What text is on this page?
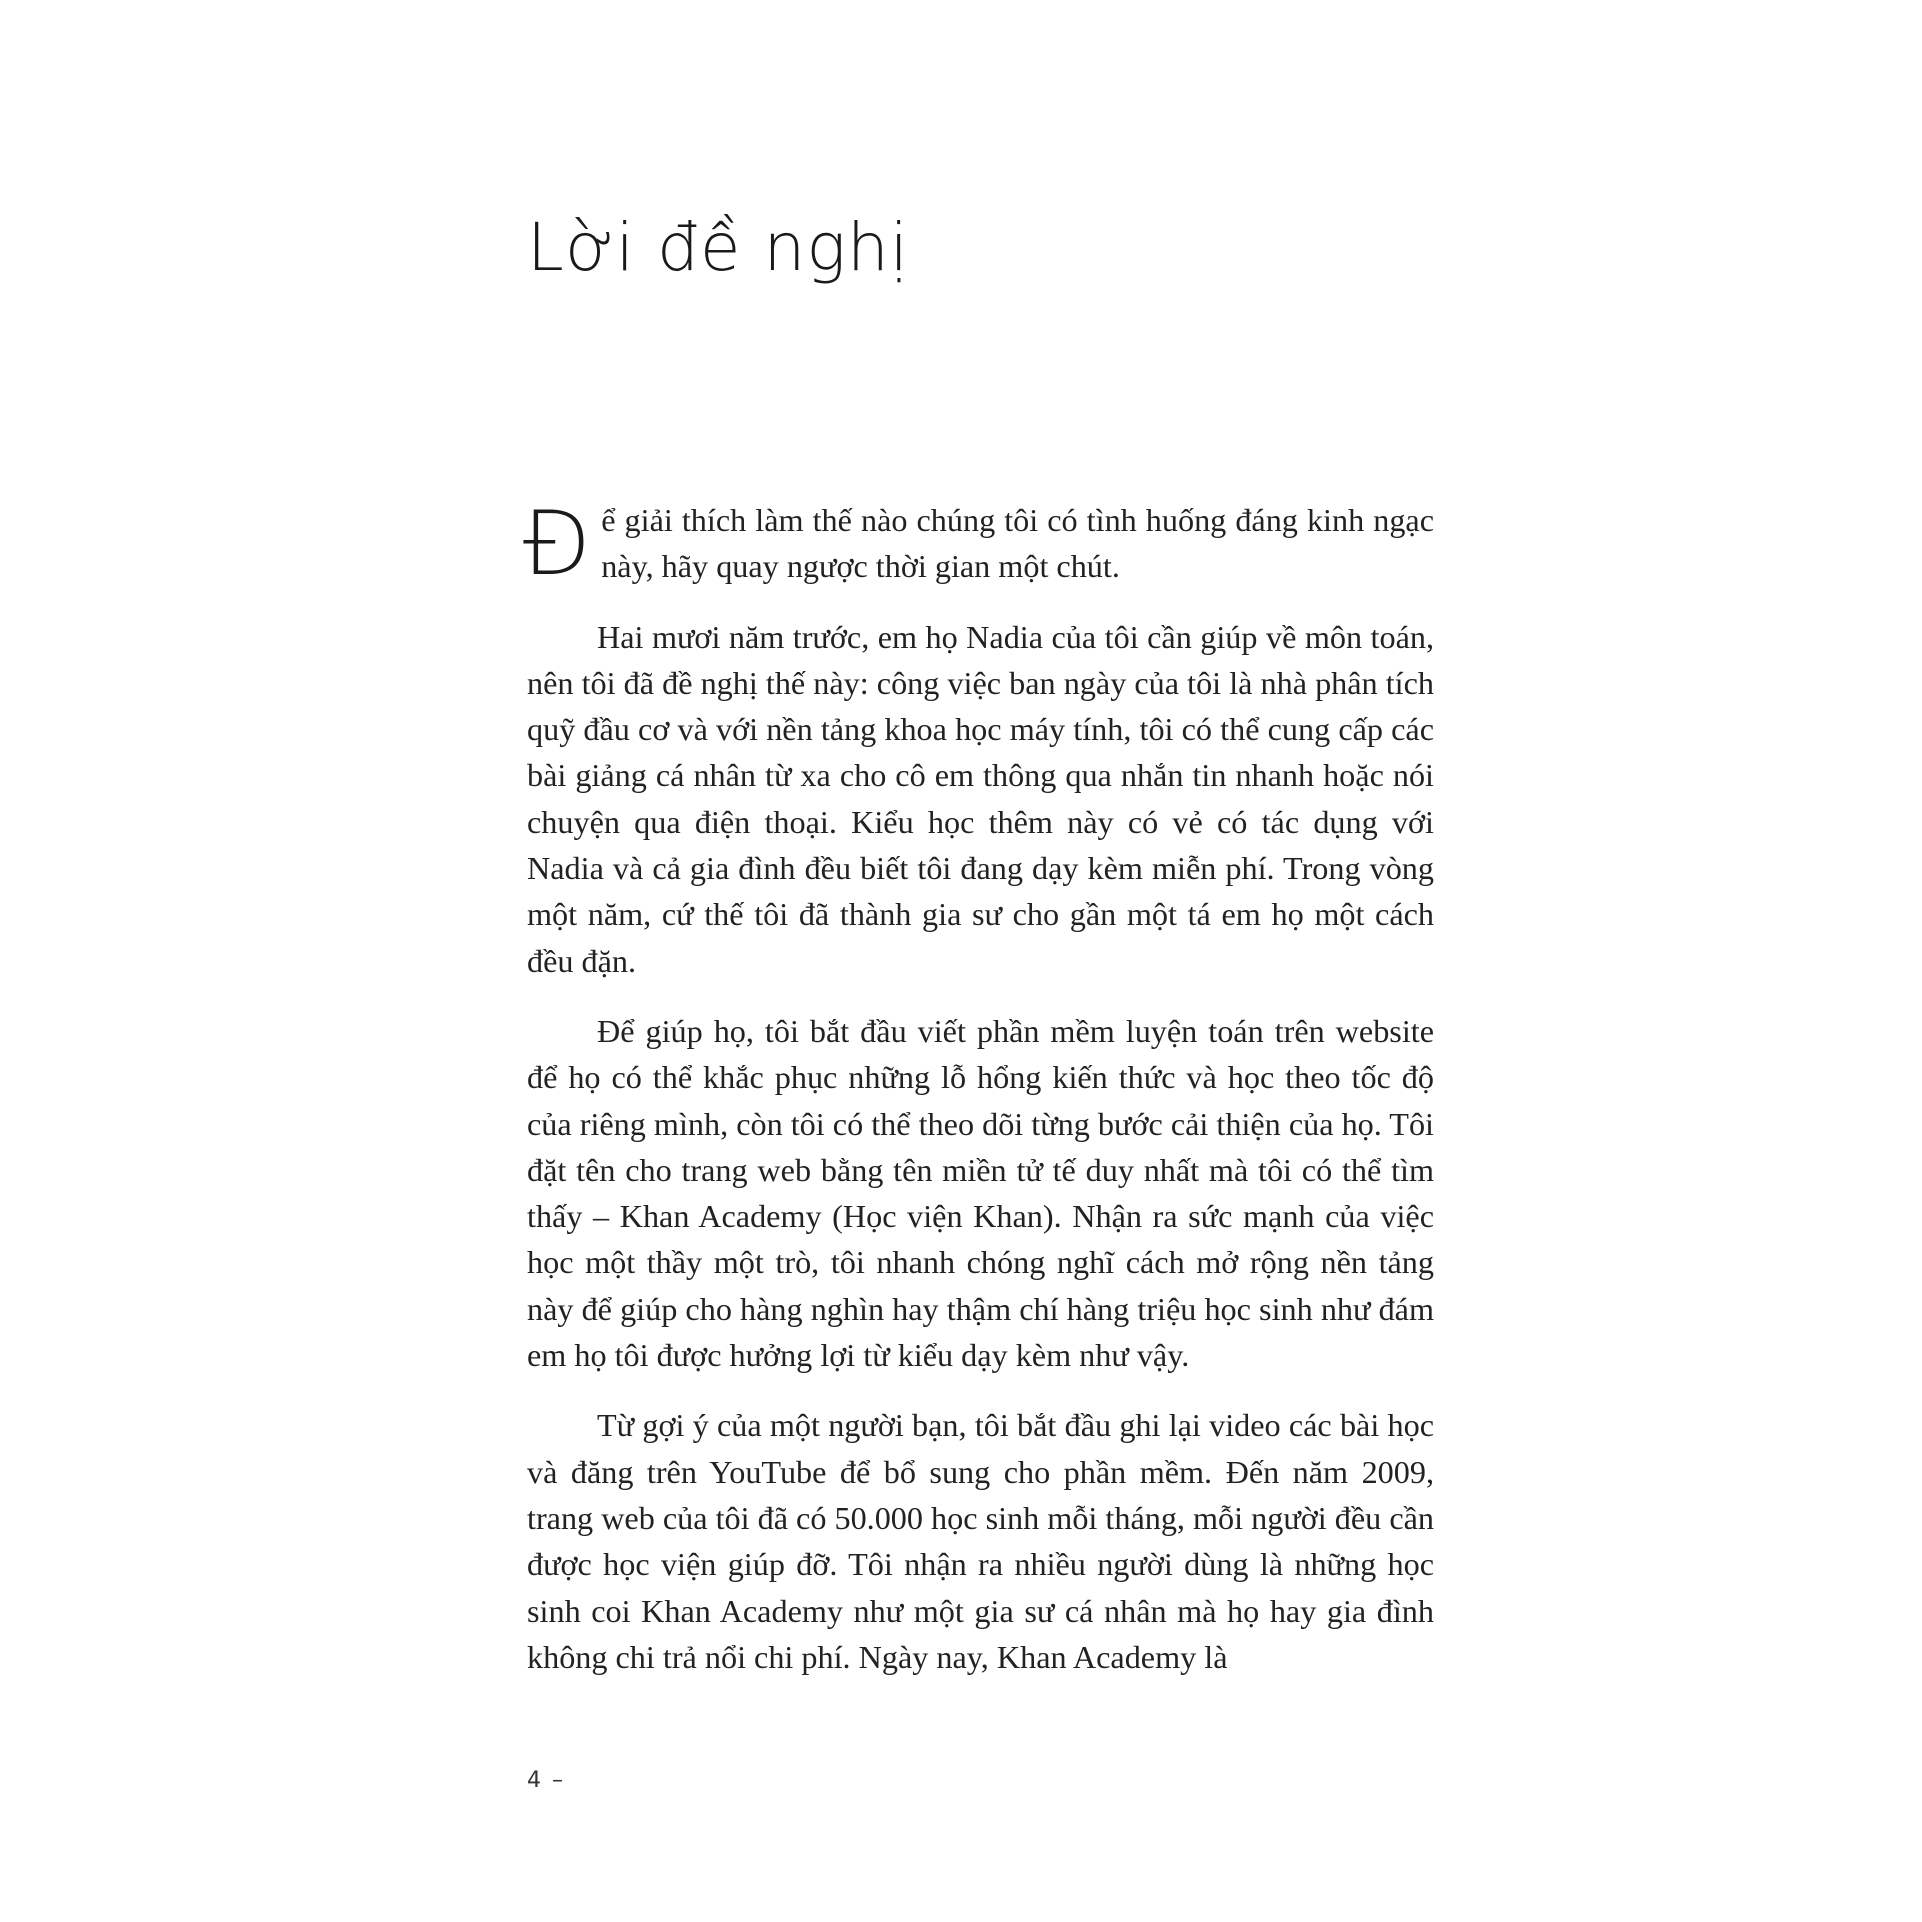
Lời đề nghị

Đ ể giải thích làm thế nào chúng tôi có tình huống đáng kinh ngạc này, hãy quay ngược thời gian một chút.

Hai mươi năm trước, em họ Nadia của tôi cần giúp về môn toán, nên tôi đã đề nghị thế này: công việc ban ngày của tôi là nhà phân tích quỹ đầu cơ và với nền tảng khoa học máy tính, tôi có thể cung cấp các bài giảng cá nhân từ xa cho cô em thông qua nhắn tin nhanh hoặc nói chuyện qua điện thoại. Kiểu học thêm này có vẻ có tác dụng với Nadia và cả gia đình đều biết tôi đang dạy kèm miễn phí. Trong vòng một năm, cứ thế tôi đã thành gia sư cho gần một tá em họ một cách đều đặn.

Để giúp họ, tôi bắt đầu viết phần mềm luyện toán trên website để họ có thể khắc phục những lỗ hổng kiến thức và học theo tốc độ của riêng mình, còn tôi có thể theo dõi từng bước cải thiện của họ. Tôi đặt tên cho trang web bằng tên miền tử tế duy nhất mà tôi có thể tìm thấy – Khan Academy (Học viện Khan). Nhận ra sức mạnh của việc học một thầy một trò, tôi nhanh chóng nghĩ cách mở rộng nền tảng này để giúp cho hàng nghìn hay thậm chí hàng triệu học sinh như đám em họ tôi được hưởng lợi từ kiểu dạy kèm như vậy.

Từ gợi ý của một người bạn, tôi bắt đầu ghi lại video các bài học và đăng trên YouTube để bổ sung cho phần mềm. Đến năm 2009, trang web của tôi đã có 50.000 học sinh mỗi tháng, mỗi người đều cần được học viện giúp đỡ. Tôi nhận ra nhiều người dùng là những học sinh coi Khan Academy như một gia sư cá nhân mà họ hay gia đình không chi trả nổi chi phí. Ngày nay, Khan Academy là

4 –
